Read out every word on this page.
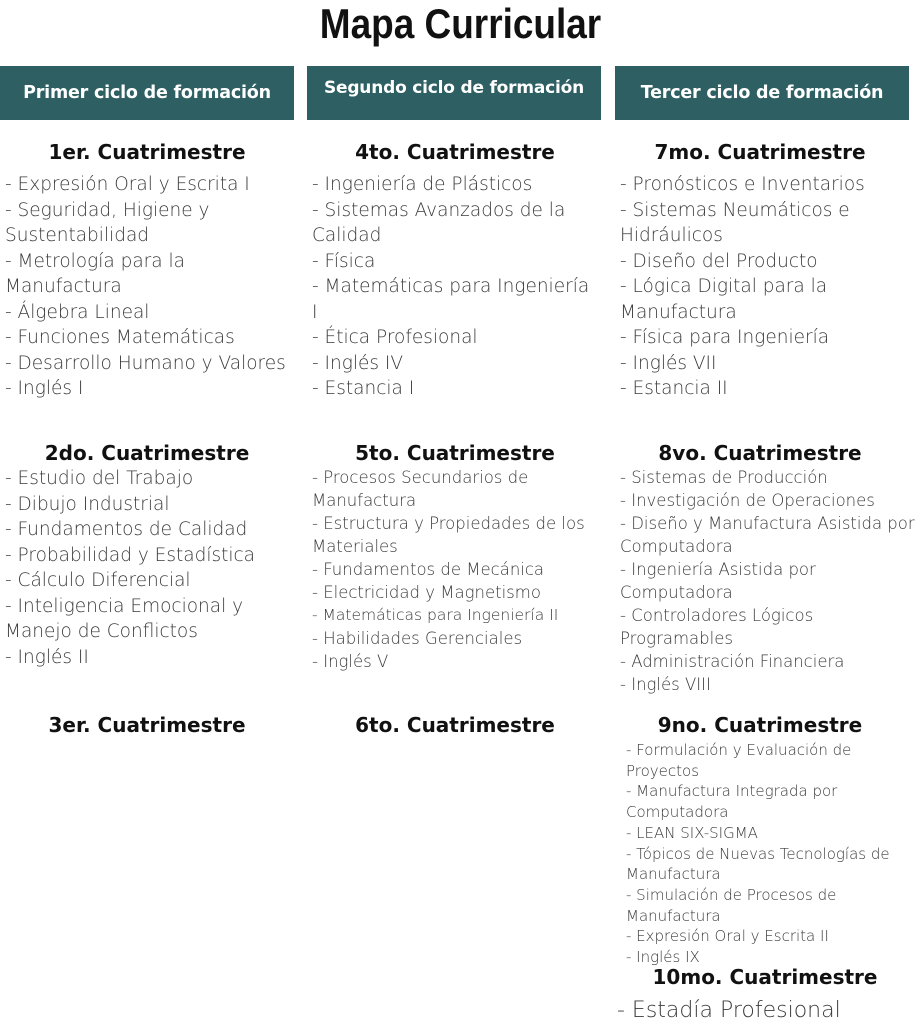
Mapa Curricular
Primer ciclo de formación	Segundo ciclo de formación	Tercer ciclo de formación
1er. Cuatrimestre
- Expresión Oral y Escrita I
- Seguridad, Higiene y Sustentabilidad
- Metrología para la Manufactura
- Álgebra Lineal
- Funciones Matemáticas
- Desarrollo Humano y Valores
- Inglés I
2do. Cuatrimestre
- Estudio del Trabajo
- Dibujo Industrial
- Fundamentos de Calidad
- Probabilidad y Estadística
- Cálculo Diferencial
- Inteligencia Emocional y Manejo de Conflictos
- Inglés II
3er. Cuatrimestre
4to. Cuatrimestre
- Ingeniería de Plásticos
- Sistemas Avanzados de la Calidad
- Física
- Matemáticas para Ingeniería I
- Ética Profesional
- Inglés IV
- Estancia I
5to. Cuatrimestre
- Procesos Secundarios de Manufactura
- Estructura y Propiedades de los Materiales
- Fundamentos de Mecánica
- Electricidad y Magnetismo
- Matemáticas para Ingeniería II
- Habilidades Gerenciales
- Inglés V
6to. Cuatrimestre
7mo. Cuatrimestre
- Pronósticos e Inventarios
- Sistemas Neumáticos e Hidráulicos
- Diseño del Producto
- Lógica Digital para la Manufactura
- Física para Ingeniería
- Inglés VII
- Estancia II
8vo. Cuatrimestre
- Sistemas de Producción
- Investigación de Operaciones
- Diseño y Manufactura Asistida por Computadora
- Ingeniería Asistida por Computadora
- Controladores Lógicos Programables
- Administración Financiera
- Inglés VIII
9no. Cuatrimestre
- Formulación y Evaluación de Proyectos
- Manufactura Integrada por Computadora
- LEAN SIX-SIGMA
- Tópicos de Nuevas Tecnologías de Manufactura
- Simulación de Procesos de Manufactura
- Expresión Oral y Escrita II
- Inglés IX
10mo. Cuatrimestre
- Estadía Profesional
